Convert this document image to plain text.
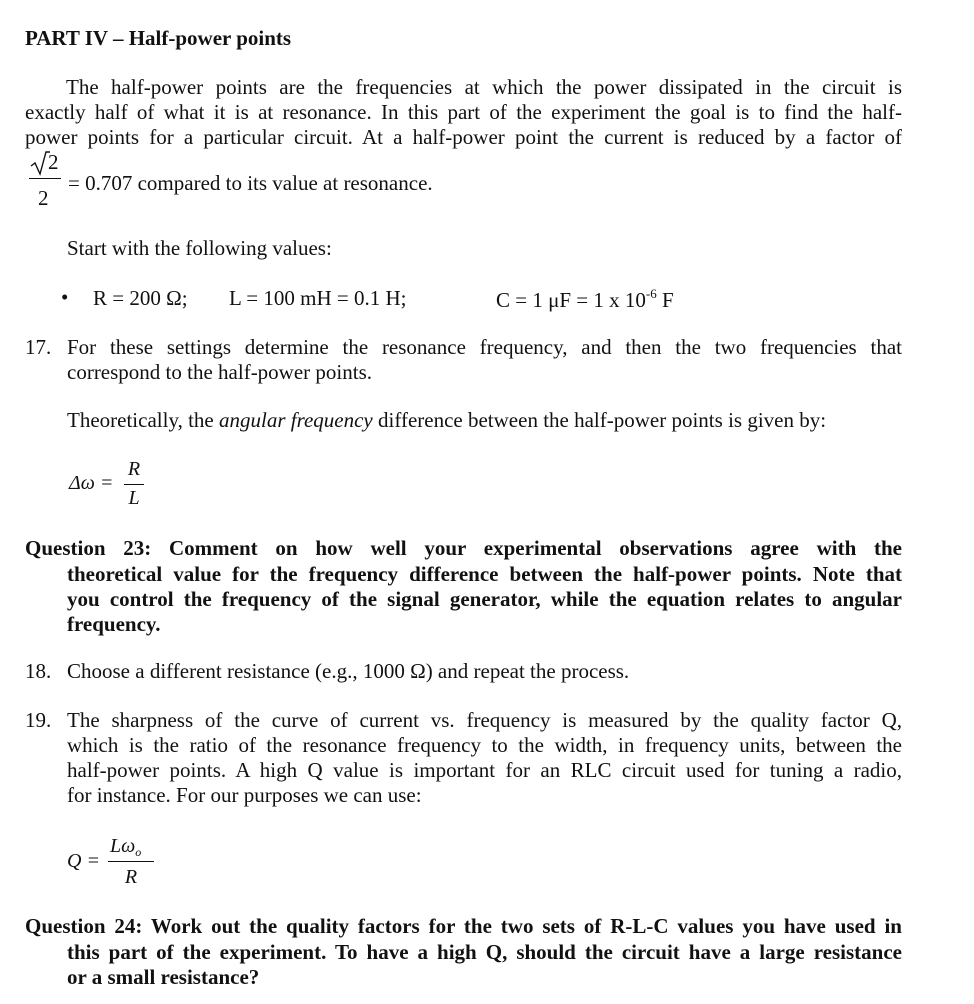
PART IV – Half-power points
The half-power points are the frequencies at which the power dissipated in the circuit is
exactly half of what it is at resonance. In this part of the experiment the goal is to find the half-
power points for a particular circuit. At a half-power point the current is reduced by a factor of
2
2
= 0.707 compared to its value at resonance.
Start with the following values:
• R = 200 Ω; L = 100 mH = 0.1 H;	C = 1 μF = 1 x $10^{-6}$ F
17. For these settings determine the resonance frequency, and then the two frequencies that
correspond to the half-power points.
Theoretically, the angular frequency difference between the half-power points is given by:
Δω =
R
L
Question 23: Comment on how well your experimental observations agree with the
theoretical value for the frequency difference between the half-power points. Note that
you control the frequency of the signal generator, while the equation relates to angular
frequency.
18. Choose a different resistance (e.g., 1000 Ω) and repeat the process.
19. The sharpness of the curve of current vs. frequency is measured by the quality factor Q,
which is the ratio of the resonance frequency to the width, in frequency units, between the
half-power points. A high Q value is important for an RLC circuit used for tuning a radio,
for instance. For our purposes we can use:
Q =
$L\omega_o$
R
Question 24: Work out the quality factors for the two sets of R-L-C values you have used in
this part of the experiment. To have a high Q, should the circuit have a large resistance
or a small resistance?
